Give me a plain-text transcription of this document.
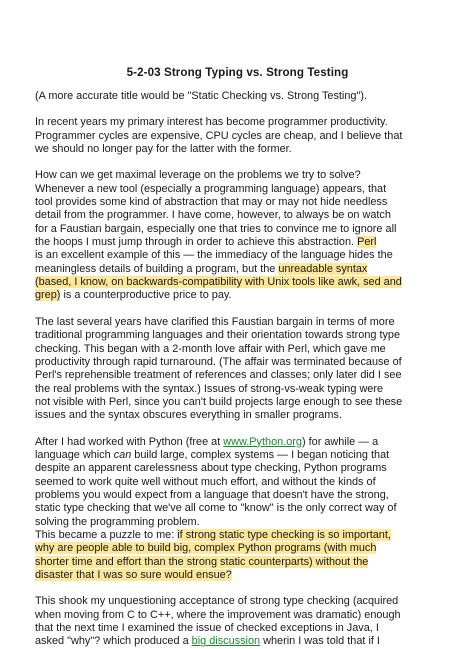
5-2-03 Strong Typing vs. Strong Testing

(A more accurate title would be "Static Checking vs. Strong Testing").

In recent years my primary interest has become programmer productivity.
Programmer cycles are expensive, CPU cycles are cheap, and I believe that
we should no longer pay for the latter with the former.

How can we get maximal leverage on the problems we try to solve?
Whenever a new tool (especially a programming language) appears, that
tool provides some kind of abstraction that may or may not hide needless
detail from the programmer. I have come, however, to always be on watch
for a Faustian bargain, especially one that tries to convince me to ignore all
the hoops I must jump through in order to achieve this abstraction. Perl
is an excellent example of this — the immediacy of the language hides the
meaningless details of building a program, but the unreadable syntax
(based, I know, on backwards-compatibility with Unix tools like awk, sed and
grep) is a counterproductive price to pay.

The last several years have clarified this Faustian bargain in terms of more
traditional programming languages and their orientation towards strong type
checking. This began with a 2-month love affair with Perl, which gave me
productivity through rapid turnaround. (The affair was terminated because of
Perl's reprehensible treatment of references and classes; only later did I see
the real problems with the syntax.) Issues of strong-vs-weak typing were
not visible with Perl, since you can't build projects large enough to see these
issues and the syntax obscures everything in smaller programs.

After I had worked with Python (free at www.Python.org) for awhile — a
language which can build large, complex systems — I began noticing that
despite an apparent carelessness about type checking, Python programs
seemed to work quite well without much effort, and without the kinds of
problems you would expect from a language that doesn't have the strong,
static type checking that we've all come to "know" is the only correct way of
solving the programming problem.
This became a puzzle to me: if strong static type checking is so important,
why are people able to build big, complex Python programs (with much
shorter time and effort than the strong static counterparts) without the
disaster that I was so sure would ensue?

This shook my unquestioning acceptance of strong type checking (acquired
when moving from C to C++, where the improvement was dramatic) enough
that the next time I examined the issue of checked exceptions in Java, I
asked "why"? which produced a big discussion wherin I was told that if I
